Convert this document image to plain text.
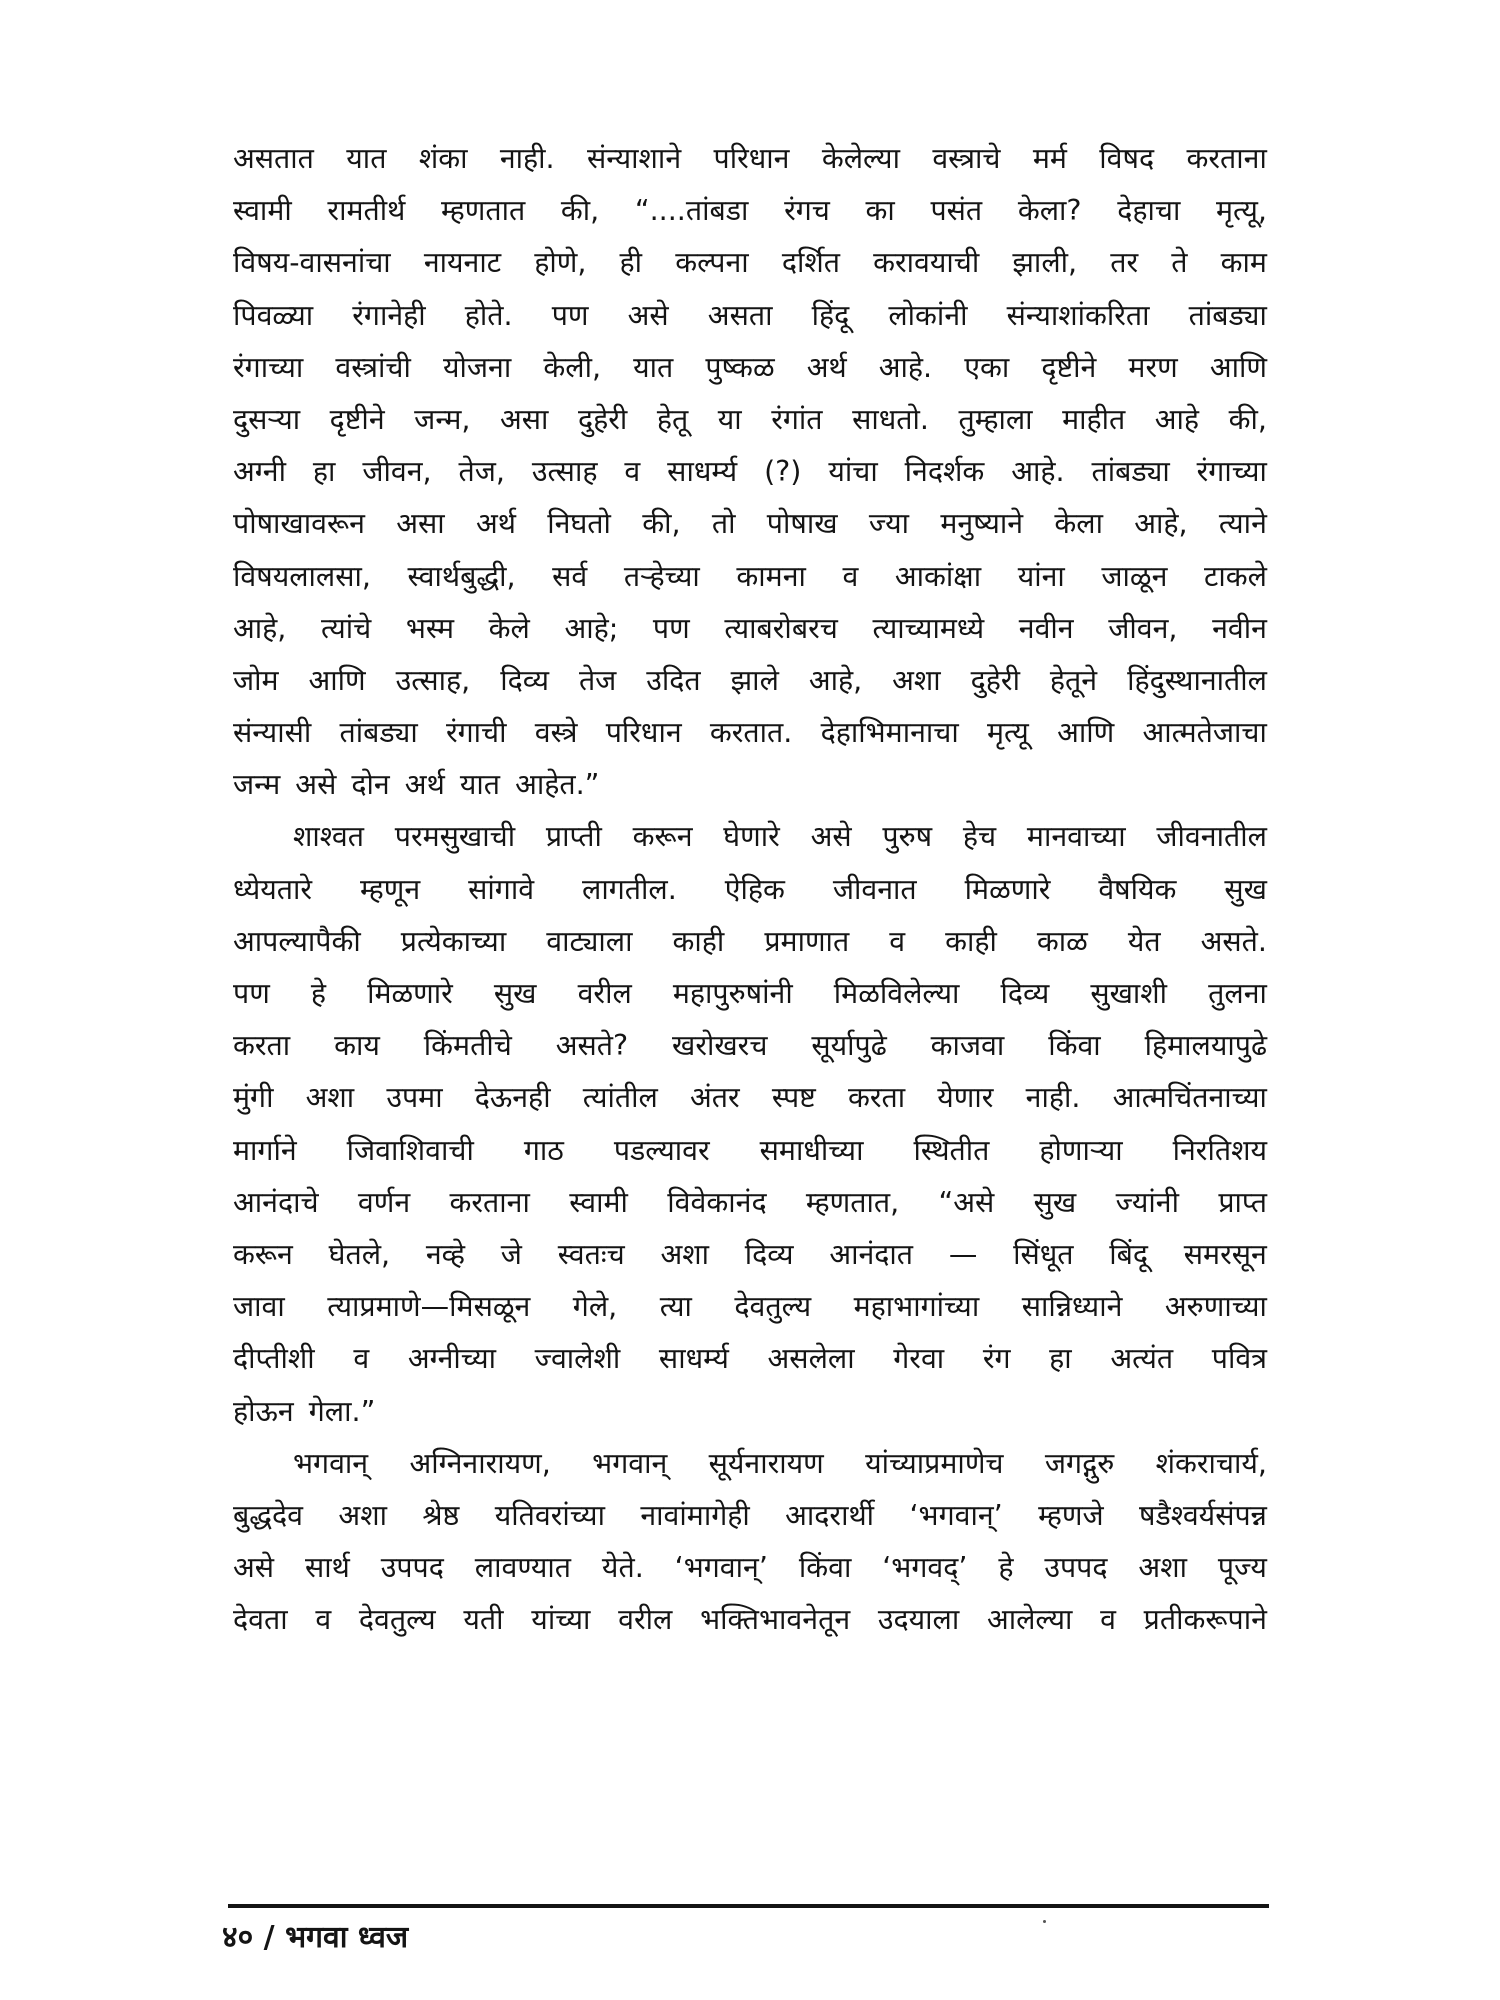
असतात यात शंका नाही. संन्याशाने परिधान केलेल्या वस्त्राचे मर्म विषद करताना
स्वामी रामतीर्थ म्हणतात की, “....तांबडा रंगच का पसंत केला? देहाचा मृत्यू,
विषय-वासनांचा नायनाट होणे, ही कल्पना दर्शित करावयाची झाली, तर ते काम
पिवळ्या रंगानेही होते. पण असे असता हिंदू लोकांनी संन्याशांकरिता तांबड्या
रंगाच्या वस्त्रांची योजना केली, यात पुष्कळ अर्थ आहे. एका दृष्टीने मरण आणि
दुसऱ्या दृष्टीने जन्म, असा दुहेरी हेतू या रंगांत साधतो. तुम्हाला माहीत आहे की,
अग्नी हा जीवन, तेज, उत्साह व साधर्म्य (?) यांचा निदर्शक आहे. तांबड्या रंगाच्या
पोषाखावरून असा अर्थ निघतो की, तो पोषाख ज्या मनुष्याने केला आहे, त्याने
विषयलालसा, स्वार्थबुद्धी, सर्व तऱ्हेच्या कामना व आकांक्षा यांना जाळून टाकले
आहे, त्यांचे भस्म केले आहे; पण त्याबरोबरच त्याच्यामध्ये नवीन जीवन, नवीन
जोम आणि उत्साह, दिव्य तेज उदित झाले आहे, अशा दुहेरी हेतूने हिंदुस्थानातील
संन्यासी तांबड्या रंगाची वस्त्रे परिधान करतात. देहाभिमानाचा मृत्यू आणि आत्मतेजाचा
जन्म असे दोन अर्थ यात आहेत.”
शाश्वत परमसुखाची प्राप्ती करून घेणारे असे पुरुष हेच मानवाच्या जीवनातील
ध्येयतारे म्हणून सांगावे लागतील. ऐहिक जीवनात मिळणारे वैषयिक सुख
आपल्यापैकी प्रत्येकाच्या वाट्याला काही प्रमाणात व काही काळ येत असते.
पण हे मिळणारे सुख वरील महापुरुषांनी मिळविलेल्या दिव्य सुखाशी तुलना
करता काय किंमतीचे असते? खरोखरच सूर्यापुढे काजवा किंवा हिमालयापुढे
मुंगी अशा उपमा देऊनही त्यांतील अंतर स्पष्ट करता येणार नाही. आत्मचिंतनाच्या
मार्गाने जिवाशिवाची गाठ पडल्यावर समाधीच्या स्थितीत होणाऱ्या निरतिशय
आनंदाचे वर्णन करताना स्वामी विवेकानंद म्हणतात, “असे सुख ज्यांनी प्राप्त
करून घेतले, नव्हे जे स्वतःच अशा दिव्य आनंदात — सिंधूत बिंदू समरसून
जावा त्याप्रमाणे—मिसळून गेले, त्या देवतुल्य महाभागांच्या सान्निध्याने अरुणाच्या
दीप्तीशी व अग्नीच्या ज्वालेशी साधर्म्य असलेला गेरवा रंग हा अत्यंत पवित्र
होऊन गेला.”
भगवान् अग्निनारायण, भगवान् सूर्यनारायण यांच्याप्रमाणेच जगद्गुरु शंकराचार्य,
बुद्धदेव अशा श्रेष्ठ यतिवरांच्या नावांमागेही आदरार्थी ‘भगवान्’ म्हणजे षडैश्वर्यसंपन्न
असे सार्थ उपपद लावण्यात येते. ‘भगवान्’ किंवा ‘भगवद्’ हे उपपद अशा पूज्य
देवता व देवतुल्य यती यांच्या वरील भक्तिभावनेतून उदयाला आलेल्या व प्रतीकरूपाने
४० / भगवा ध्वज
